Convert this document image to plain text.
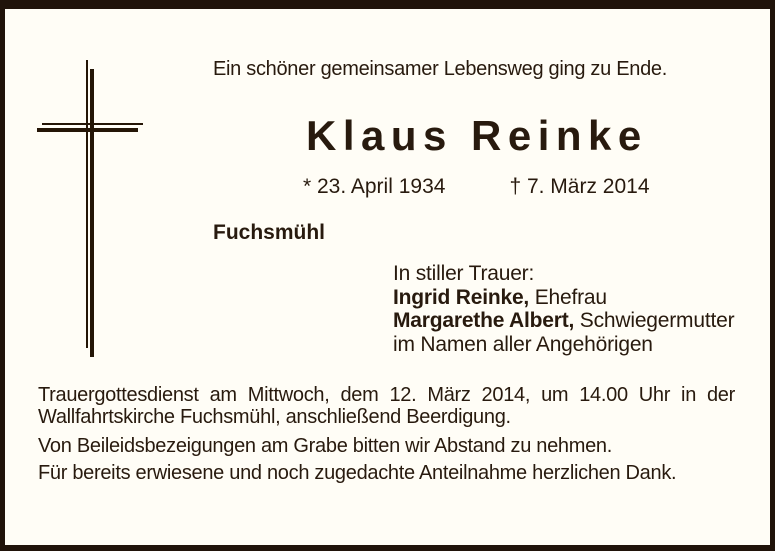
Ein schöner gemeinsamer Lebensweg ging zu Ende.
Klaus Reinke
* 23. April 1934	† 7. März 2014
Fuchsmühl
In stiller Trauer:
Ingrid Reinke, Ehefrau
Margarethe Albert, Schwiegermutter
im Namen aller Angehörigen

Trauergottesdienst am Mittwoch, dem 12. März 2014, um 14.00 Uhr in der Wallfahrtskirche Fuchsmühl, anschließend Beerdigung.

Von Beileidsbezeigungen am Grabe bitten wir Abstand zu nehmen.

Für bereits erwiesene und noch zugedachte Anteilnahme herzlichen Dank.
